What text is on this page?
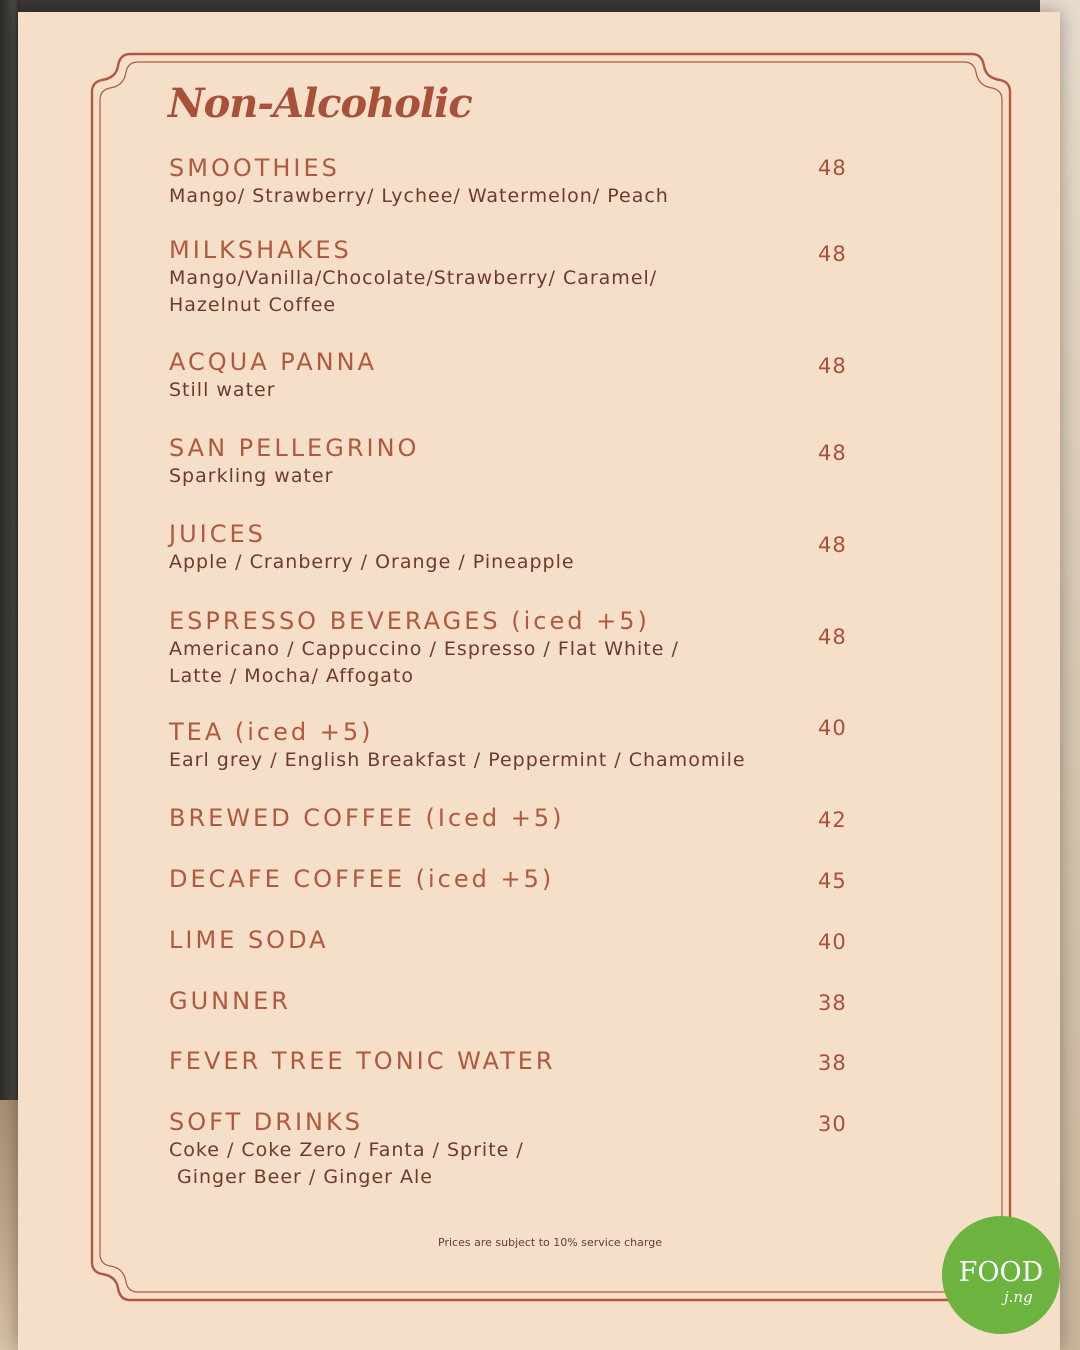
Non-Alcoholic
SMOOTHIES
Mango/ Strawberry/ Lychee/ Watermelon/ Peach
48
MILKSHAKES
Mango/Vanilla/Chocolate/Strawberry/ Caramel/
Hazelnut Coffee
48
ACQUA PANNA
Still water
48
SAN PELLEGRINO
Sparkling water
48
JUICES
Apple / Cranberry / Orange / Pineapple
48
ESPRESSO BEVERAGES (iced +5)
Americano / Cappuccino / Espresso / Flat White /
Latte / Mocha/ Affogato
48
TEA (iced +5)
Earl grey / English Breakfast / Peppermint / Chamomile
40
BREWED COFFEE (Iced +5)	42
DECAFE COFFEE (iced +5)	45
LIME SODA	40
GUNNER	38
FEVER TREE TONIC WATER	38
SOFT DRINKS
Coke / Coke Zero / Fanta / Sprite /
Ginger Beer / Ginger Ale
30
Prices are subject to 10% service charge
FOOD
j.ng
